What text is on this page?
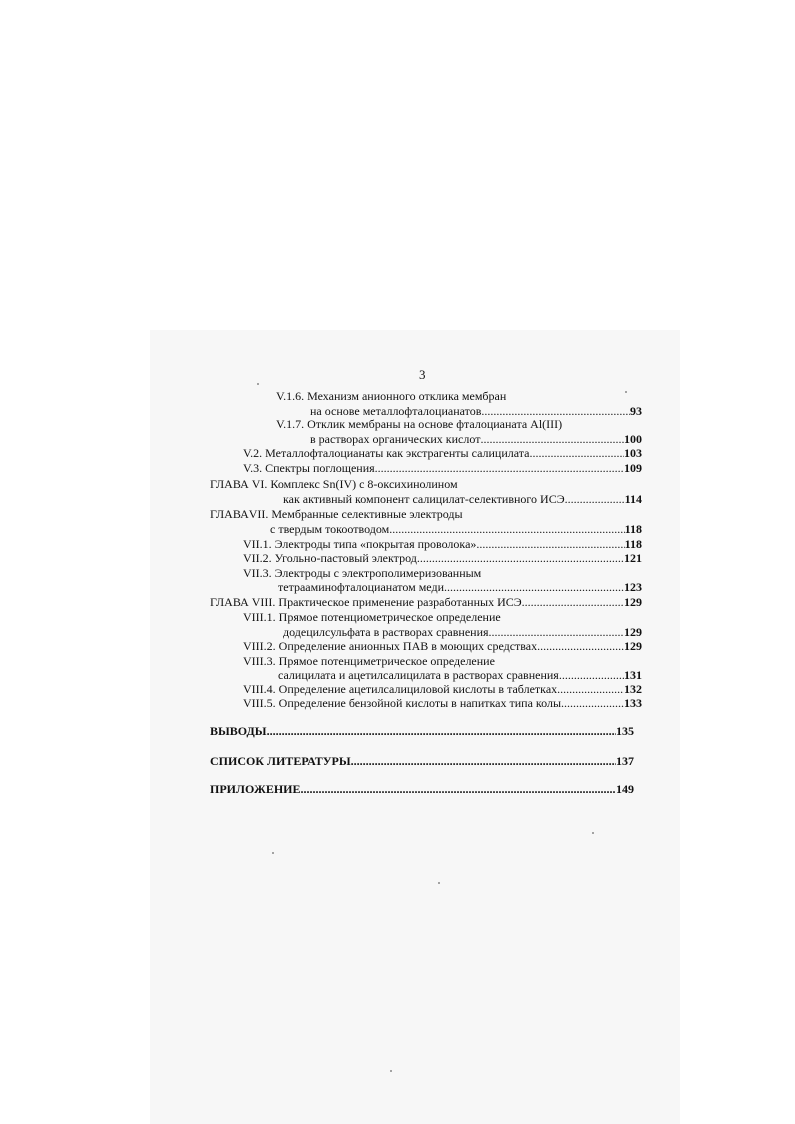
3
V.1.6. Механизм анионного отклика мембран
на основе металлофталоцианатов .....	93
V.1.7. Отклик мембраны на основе фталоцианата Al(III)
в растворах органических кислот .....	100
V.2. Металлофталоцианаты как экстрагенты салицилата .....	103
V.3. Спектры поглощения .....	109
ГЛАВА VI. Комплекс Sn(IV) с 8-оксихинолином
как активный компонент салицилат-селективного ИСЭ .....	114
ГЛАВАVII. Мембранные селективные электроды
с твердым токоотводом .....	118
VII.1. Электроды типа «покрытая проволока» .....	118
VII.2. Угольно-пастовый электрод .....	121
VII.3. Электроды с электрополимеризованным
тетрааминофталоцианатом меди .....	123
ГЛАВА VIII. Практическое применение разработанных ИСЭ .....	129
VIII.1. Прямое потенциометрическое определение
додецилсульфата в растворах сравнения .....	129
VIII.2. Определение анионных ПАВ в моющих средствах .....	129
VIII.3. Прямое потенциметрическое определение
салицилата и ацетилсалицилата в растворах сравнения .....	131
VIII.4. Определение ацетилсалициловой кислоты в таблетках .....	132
VIII.5. Определение бензойной кислоты в напитках типа колы .....	133
ВЫВОДЫ .....	135
СПИСОК ЛИТЕРАТУРЫ .....	137
ПРИЛОЖЕНИЕ .....	149
